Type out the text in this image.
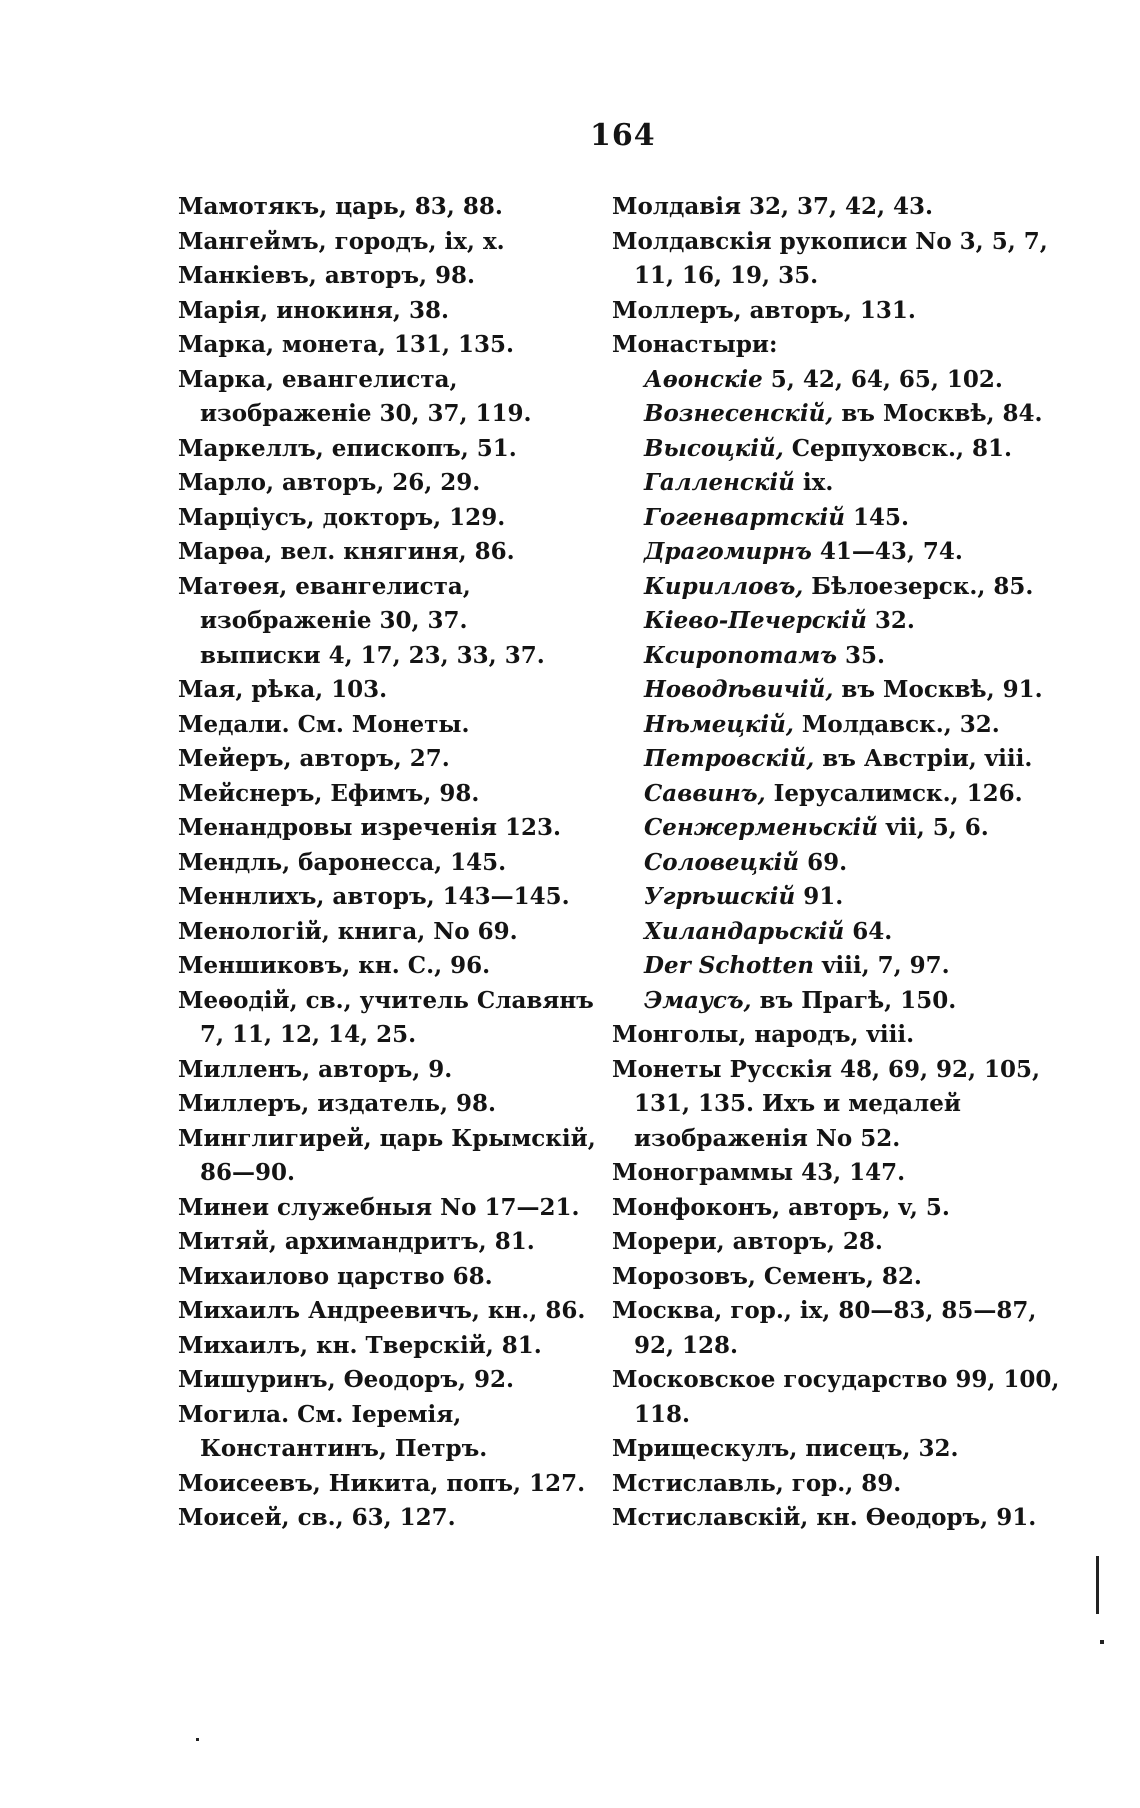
164

Мамотякъ, царь, 83, 88.

Мангеймъ, городъ, ix, x.

Манкіевъ, авторъ, 98.

Марія, инокиня, 38.

Марка, монета, 131, 135.

Марка, евангелиста, изображеніе 30, 37, 119.

Маркеллъ, епископъ, 51.

Марло, авторъ, 26, 29.

Марціусъ, докторъ, 129.

Марѳа, вел. княгиня, 86.

Матѳея, евангелиста, изображеніе 30, 37. выписки 4, 17, 23, 33, 37.

Мая, рѣка, 103.

Медали. См. Монеты.

Мейеръ, авторъ, 27.

Мейснеръ, Ефимъ, 98.

Менандровы изреченія 123.

Мендль, баронесса, 145.

Меннлихъ, авторъ, 143—145.

Менологій, книга, No 69.

Меншиковъ, кн. С., 96.

Меѳодій, св., учитель Славянъ 7, 11, 12, 14, 25.

Милленъ, авторъ, 9.

Миллеръ, издатель, 98.

Минглигирей, царь Крымскій, 86—90.

Минеи служебныя No 17—21.

Митяй, архимандритъ, 81.

Михаилово царство 68.

Михаилъ Андреевичъ, кн., 86.

Михаилъ, кн. Тверскій, 81.

Мишуринъ, Ѳеодоръ, 92.

Могила. См. Іеремія, Константинъ, Петръ.

Моисеевъ, Никита, попъ, 127.

Моисей, св., 63, 127.

Молдавія 32, 37, 42, 43.

Молдавскія рукописи No 3, 5, 7, 11, 16, 19, 35.

Моллеръ, авторъ, 131.

Монастыри:

Аѳонскіе 5, 42, 64, 65, 102.

Вознесенскій, въ Москвѣ, 84.

Высоцкій, Серпуховск., 81.

Галленскій ix.

Гогенвартскій 145.

Драгомирнъ 41—43, 74.

Кирилловъ, Бѣлоезерск., 85.

Кіево-Печерскій 32.

Ксиропотамъ 35.

Новодѣвичій, въ Москвѣ, 91.

Нѣмецкій, Молдавск., 32.

Петровскій, въ Австріи, viii.

Саввинъ, Іерусалимск., 126.

Сенжерменьскій vii, 5, 6.

Соловецкій 69.

Угрѣшскій 91.

Хиландарьскій 64.

Der Schotten viii, 7, 97.

Эмаусъ, въ Прагѣ, 150.

Монголы, народъ, viii.

Монеты Русскія 48, 69, 92, 105, 131, 135. Ихъ и медалей изображенія No 52.

Монограммы 43, 147.

Монфоконъ, авторъ, v, 5.

Морери, авторъ, 28.

Морозовъ, Семенъ, 82.

Москва, гор., ix, 80—83, 85—87, 92, 128.

Московское государство 99, 100, 118.

Мрищескулъ, писецъ, 32.

Мстиславль, гор., 89.

Мстиславскій, кн. Ѳеодоръ, 91.
